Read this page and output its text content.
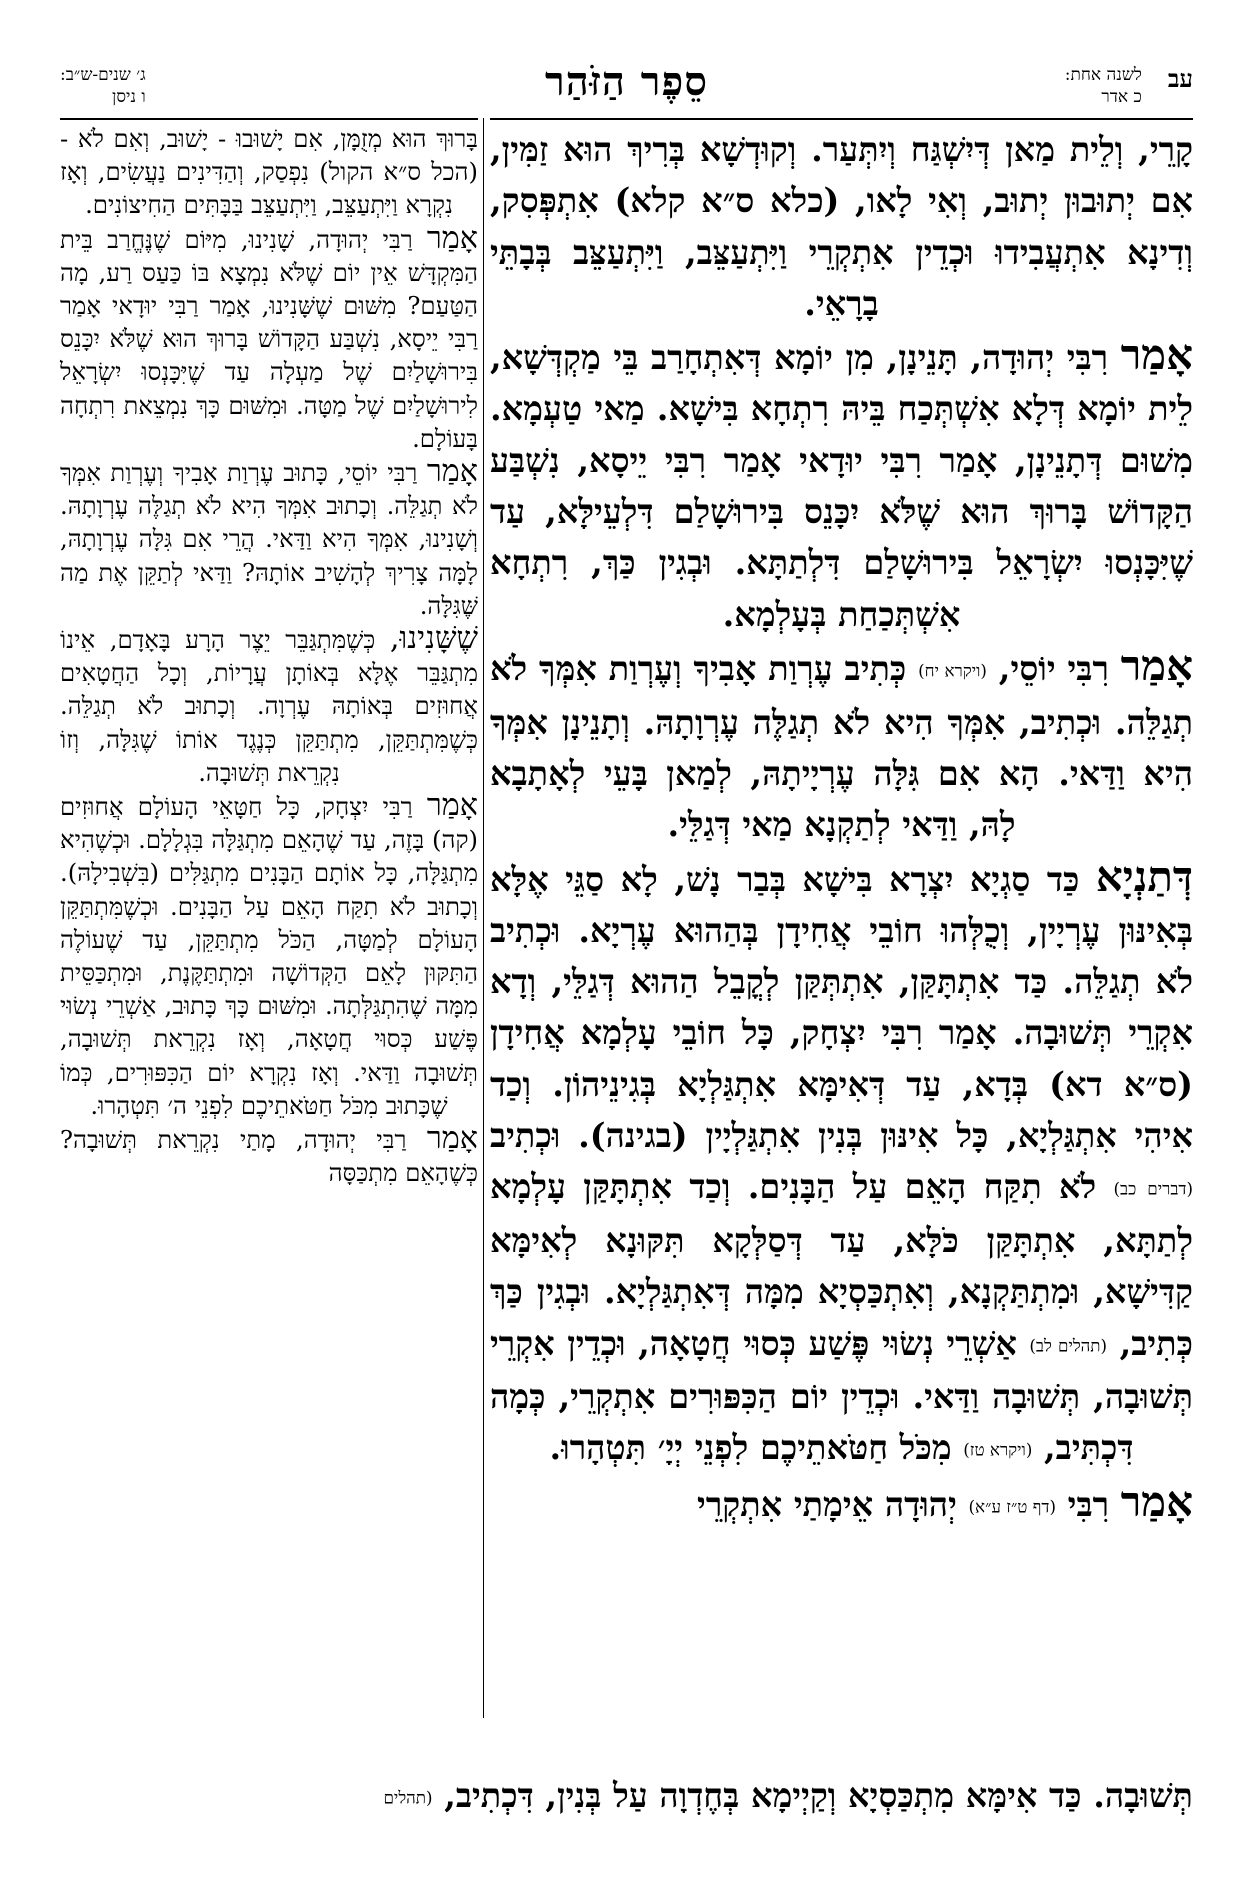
עב
לשנה אחת:
כ אדר
סֵפֶר הַזֹּהַר
ג׳ שנים-ש״ב:
ו ניסן

קָרֵי, וְלֵית מַאן דְּיִשְׁגַּח וְיִתְּעַר. וְקוּדְשָׁא בְּרִיךְ הוּא זַמִּין, אִם יְתוּבוּן יְתוּב, וְאִי לָאו, (כלא ס״א קלא) אִתְפְּסִק, וְדִינָא אִתְעֲבִידוּ וּכְדֵין אִתְקְרֵי וַיִּתְעַצֵּב, וַיִּתְעַצֵּב בְּבָתֵּי בָרָאֵי.

אָמַר רִבִּי יְהוּדָה, תָּנֵינָן, מִן יוֹמָא דְּאִתְחָרַב בֵּי מַקְדְּשָׁא, לֵית יוֹמָא דְּלָא אִשְׁתְּכַח בֵּיהּ רִתְחָא בִּישָׁא. מַאי טַעְמָא. מִשׁוּם דְּתָנֵינָן, אָמַר רִבִּי יוּדָאי אָמַר רִבִּי יֵיסָא, נִשְׁבַּע הַקָּדוֹשׁ בָּרוּךְ הוּא שֶׁלֹּא יִכָּנֵס בִּירוּשָׁלַם דִּלְעֵילָּא, עַד שֶׁיִּכָּנְסוּ יִשְׂרָאֵל בִּירוּשָׁלַם דִּלְתַתָּא. וּבְגִין כַּךְ, רִתְחָא אִשְׁתְּכַחַת בְּעָלְמָא.

אָמַר רִבִּי יוֹסֵי, (ויקרא יח) כְּתִיב עֶרְוַת אָבִיךָ וְעֶרְוַת אִמְּךָ לֹא תְגַלֵּה. וּכְתִיב, אִמְּךָ הִיא לֹא תְגַלֶּה עֶרְוָתָהּ. וְתָנֵינָן אִמְּךָ הִיא וַדַּאי. הָא אִם גִּלָּה עֶרְיָיתָהּ, לְמַאן בָּעֵי לְאָתָבָא לָהּ, וַדַּאי לְתַקְנָא מַאי דְּגַלֵּי.

דְּתַנְיָא כַּד סַגְיָא יִצְרָא בִּישָׁא בְּבַר נָשׁ, לָא סַגֵּי אֶלָּא בְּאִינּוּן עֶרְיָין, וְכֻלְּהוּ חוֹבֵי אֲחִידָן בְּהַהוּא עֶרְיָא. וּכְתִיב לֹא תְגַלֵּה. כַּד אִתְתָּקַּן, אִתְתְּקַּן לְקֳבֵל הַהוּא דְּגַלֵּי, וְדָא אִקְרֵי תְּשׁוּבָה. אָמַר רִבִּי יִצְחָק, כָּל חוֹבֵי עָלְמָא אֲחִידָן (ס״א דא) בְּדָא, עַד דְּאִימָּא אִתְגַּלְיָא בְּגִינֵיהוֹן. וְכַד אִיהִי אִתְגַּלְיָא, כָּל אִינּוּן בְּנִין אִתְגַּלְיָין (בגינה). וּכְתִיב (דברים כב) לֹא תִקַּח הָאֵם עַל הַבָּנִים. וְכַד אִתְתָּקַּן עָלְמָא לְתַתָּא, אִתְתָּקַּן כֹּלָּא, עַד דְּסַלְּקָא תִּקּוּנָא לְאִימָּא קַדִּישָׁא, וּמִתְתַּקְנָא, וְאִתְכַּסְיָא מִמָּה דְּאִתְגַּלְיָא. וּבְגִין כַּךְ כְּתִיב, (תהלים לב) אַשְׁרֵי נְשׂוּי פֶּשַׁע כְּסוּי חֲטָאָה, וּכְדֵין אִקְרֵי תְּשׁוּבָה, תְּשׁוּבָה וַדַּאי. וּכְדֵין יוֹם הַכִּפּוּרִים אִתְקְרֵי, כְּמָה דִּכְתִּיב, (ויקרא טז) מִכֹּל חַטֹּאתֵיכֶם לִפְנֵי יְיָ׳ תִּטְהָרוּ.

אָמַר רִבִּי (דף ט״ז ע״א) יְהוּדָה אֵימָתַי אִתְקְרֵי

בָּרוּךְ הוּא מְזֻמָּן, אִם יָשׁוּבוּ - יָשׁוּב, וְאִם לֹא - (הכל ס״א הקול) נִפְסַק, וְהַדִּינִים נַעֲשִׂים, וְאָז נִקְרָא וַיִּתְעַצֵּב, וַיִּתְעַצֵּב בַּבָּתִּים הַחִיצוֹנִים.

אָמַר רַבִּי יְהוּדָה, שָׁנִינוּ, מִיּוֹם שֶׁנֶּחֱרַב בֵּית הַמִּקְדָּשׁ אֵין יוֹם שֶׁלֹּא נִמְצָא בּוֹ כַּעַס רַע, מָה הַטַּעַם? מִשּׁוּם שֶׁשָּׁנִינוּ, אָמַר רַבִּי יוּדָאי אָמַר רַבִּי יֵיסָא, נִשְׁבַּע הַקָּדוֹשׁ בָּרוּךְ הוּא שֶׁלֹּא יִכָּנֵס בִּירוּשָׁלַיִם שֶׁל מַעְלָה עַד שֶׁיִּכָּנְסוּ יִשְׂרָאֵל לִירוּשָׁלַיִם שֶׁל מַטָּה. וּמִשּׁוּם כָּךְ נִמְצֵאת רִתְחָה בָּעוֹלָם.

אָמַר רַבִּי יוֹסֵי, כָּתוּב עֶרְוַת אָבִיךָ וְעֶרְוַת אִמְּךָ לֹא תְגַלֵּה. וְכָתוּב אִמְּךָ הִיא לֹא תְגַלֶּה עֶרְוָתָהּ. וְשָׁנִינוּ, אִמְּךָ הִיא וַדַּאי. הֲרֵי אִם גִּלָּה עֶרְוָתָהּ, לָמָּה צָרִיךְ לְהָשִׁיב אוֹתָהּ? וַדַּאי לְתַקֵּן אֶת מַה שֶּׁגִּלָּה.

שֶׁשָּׁנִינוּ, כְּשֶׁמִּתְגַּבֵּר יֵצֶר הָרָע בָּאָדָם, אֵינוֹ מִתְגַּבֵּר אֶלָּא בְּאוֹתָן עֲרָיוֹת, וְכָל הַחֲטָאִים אֲחוּזִים בְּאוֹתָהּ עֶרְוָה. וְכָתוּב לֹא תְגַלֵּה. כְּשֶׁמִּתְתַּקֵּן, מִתְתַּקֵּן כְּנֶגֶד אוֹתוֹ שֶׁגִּלָּה, וְזוֹ נִקְרֵאת תְּשׁוּבָה.

אָמַר רַבִּי יִצְחָק, כָּל חַטָּאֵי הָעוֹלָם אֲחוּזִים (קה) בָּזֶה, עַד שֶׁהָאֵם מִתְגַּלָּה בִּגְלָלָם. וּכְשֶׁהִיא מִתְגַּלָּה, כָּל אוֹתָם הַבָּנִים מִתְגַּלִּים (בִּשְׁבִילָהּ). וְכָתוּב לֹא תִקַּח הָאֵם עַל הַבָּנִים. וּכְשֶׁמִּתְתַּקֵּן הָעוֹלָם לְמַטָּה, הַכֹּל מִתְתַּקֵּן, עַד שֶׁעוֹלֶה הַתִּקּוּן לָאֵם הַקְּדוֹשָׁה וּמִתְתַּקֶּנֶת, וּמִתְכַּסֵּית מִמָּה שֶׁהִתְגַּלְּתָה. וּמִשּׁוּם כָּךְ כָּתוּב, אַשְׁרֵי נְשׂוּי פֶּשַׁע כְּסוּי חֲטָאָה, וְאָז נִקְרֵאת תְּשׁוּבָה, תְּשׁוּבָה וַדַּאי. וְאָז נִקְרָא יוֹם הַכִּפּוּרִים, כְּמוֹ שֶׁכָּתוּב מִכֹּל חַטֹּאתֵיכֶם לִפְנֵי ה׳ תִּטְהָרוּ.

אָמַר רַבִּי יְהוּדָה, מָתַי נִקְרֵאת תְּשׁוּבָה? כְּשֶׁהָאֵם מִתְכַּסָּה

תְּשׁוּבָה. כַּד אִימָּא מִתְכַּסְיָא וְקַיְימָא בְּחֶדְוָה עַל בְּנִין, דִּכְתִיב, (תהלים
